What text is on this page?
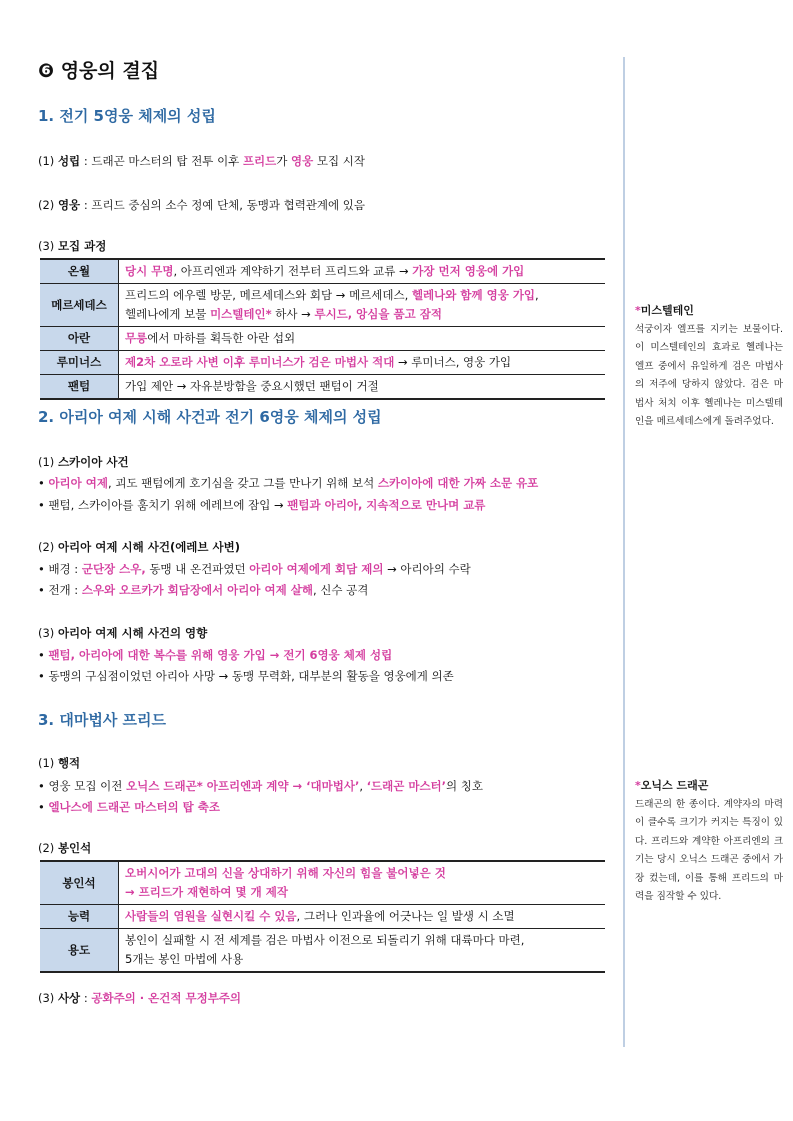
❻ 영웅의 결집
1. 전기 5영웅 체제의 성립
(1) 성립 : 드래곤 마스터의 탑 전투 이후 프리드가 영웅 모집 시작
(2) 영웅 : 프리드 중심의 소수 정예 단체, 동맹과 협력관계에 있음
(3) 모집 과정
온월	당시 무명, 아프리엔과 계약하기 전부터 프리드와 교류 → 가장 먼저 영웅에 가입

메르세데스	프리드의 에우렐 방문, 메르세데스와 회담 → 메르세데스, 헬레나와 함께 영웅 가입,
헬레나에게 보물 미스텔테인* 하사 → 루시드, 앙심을 품고 잠적

아란	무릉에서 마하를 획득한 아란 섭외

루미너스	제2차 오로라 사변 이후 루미너스가 검은 마법사 적대 → 루미너스, 영웅 가입

팬텀	가입 제안 → 자유분방함을 중요시했던 팬텀이 거절
2. 아리아 여제 시해 사건과 전기 6영웅 체제의 성립
(1) 스카이아 사건
• 아리아 여제, 괴도 팬텀에게 호기심을 갖고 그를 만나기 위해 보석 스카이아에 대한 가짜 소문 유포
• 팬텀, 스카이아를 훔치기 위해 에레브에 잠입 → 팬텀과 아리아, 지속적으로 만나며 교류
(2) 아리아 여제 시해 사건(에레브 사변)
• 배경 : 군단장 스우, 동맹 내 온건파였던 아리아 여제에게 회담 제의 → 아리아의 수락
• 전개 : 스우와 오르카가 회담장에서 아리아 여제 살해, 신수 공격
(3) 아리아 여제 시해 사건의 영향
• 팬텀, 아리아에 대한 복수를 위해 영웅 가입 → 전기 6영웅 체제 성립
• 동맹의 구심점이었던 아리아 사망 → 동맹 무력화, 대부분의 활동을 영웅에게 의존
3. 대마법사 프리드
(1) 행적
• 영웅 모집 이전 오닉스 드래곤* 아프리엔과 계약 → ‘대마법사’, ‘드래곤 마스터’의 칭호
• 엘나스에 드래곤 마스터의 탑 축조
(2) 봉인석
봉인석	오버시어가 고대의 신을 상대하기 위해 자신의 힘을 불어넣은 것
→ 프리드가 재현하여 몇 개 제작

능력	사람들의 염원을 실현시킬 수 있음, 그러나 인과율에 어긋나는 일 발생 시 소멸

용도	봉인이 실패할 시 전 세계를 검은 마법사 이전으로 되돌리기 위해 대륙마다 마련,
5개는 봉인 마법에 사용
(3) 사상 : 공화주의 · 온건적 무정부주의
*미스텔테인
석궁이자 엘프를 지키는 보물이다. 이 미스텔테인의 효과로 헬레나는 엘프 중에서 유일하게 검은 마법사의 저주에 당하지 않았다. 검은 마법사 처치 이후 헬레나는 미스텔테인을 메르세데스에게 돌려주었다.
*오닉스 드래곤
드래곤의 한 종이다. 계약자의 마력이 클수록 크기가 커지는 특징이 있다. 프리드와 계약한 아프리엔의 크기는 당시 오닉스 드래곤 중에서 가장 컸는데, 이를 통해 프리드의 마력을 짐작할 수 있다.
